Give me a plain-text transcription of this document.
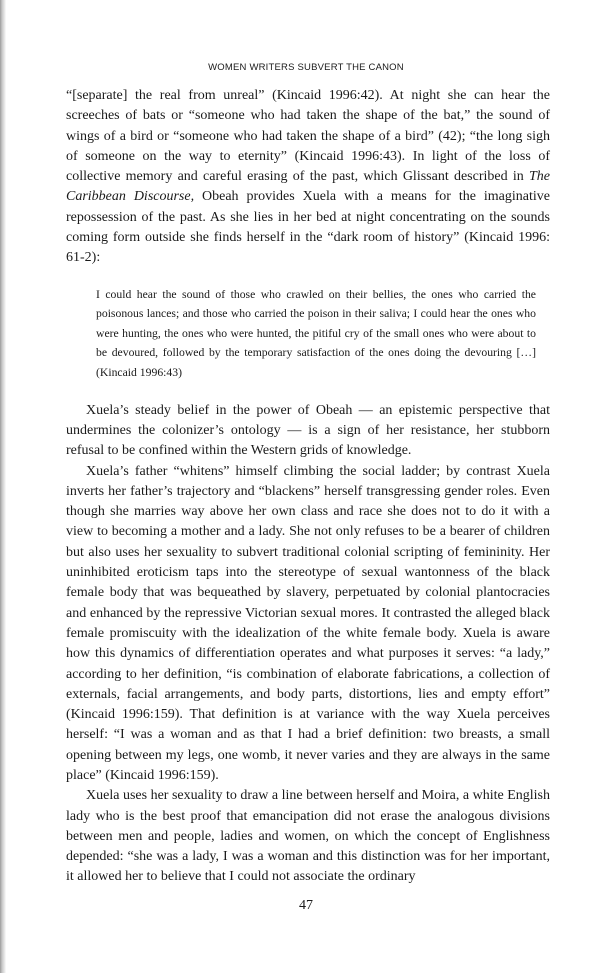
WOMEN WRITERS SUBVERT THE CANON

“[separate] the real from unreal” (Kincaid 1996:42). At night she can hear the screeches of bats or “someone who had taken the shape of the bat,” the sound of wings of a bird or “someone who had taken the shape of a bird” (42); “the long sigh of someone on the way to eternity” (Kincaid 1996:43). In light of the loss of collective memory and careful erasing of the past, which Glissant described in The Caribbean Discourse, Obeah provides Xuela with a means for the imaginative repossession of the past. As she lies in her bed at night concentrating on the sounds coming form outside she finds herself in the “dark room of history” (Kincaid 1996: 61-2):

I could hear the sound of those who crawled on their bellies, the ones who carried the poisonous lances; and those who carried the poison in their saliva; I could hear the ones who were hunting, the ones who were hunted, the pitiful cry of the small ones who were about to be devoured, followed by the temporary satisfaction of the ones doing the devouring […] (Kincaid 1996:43)

Xuela’s steady belief in the power of Obeah — an epistemic perspective that undermines the colonizer’s ontology — is a sign of her resistance, her stubborn refusal to be confined within the Western grids of knowledge.

Xuela’s father “whitens” himself climbing the social ladder; by contrast Xuela inverts her father’s trajectory and “blackens” herself transgressing gender roles. Even though she marries way above her own class and race she does not to do it with a view to becoming a mother and a lady. She not only refuses to be a bearer of children but also uses her sexuality to subvert traditional colonial scripting of femininity. Her uninhibited eroticism taps into the stereotype of sexual wantonness of the black female body that was bequeathed by slavery, perpetuated by colonial plantocracies and enhanced by the repressive Victorian sexual mores. It contrasted the alleged black female promiscuity with the idealization of the white female body. Xuela is aware how this dynamics of differentiation operates and what purposes it serves: “a lady,” according to her definition, “is combination of elaborate fabrications, a collection of externals, facial arrangements, and body parts, distortions, lies and empty effort” (Kincaid 1996:159). That definition is at variance with the way Xuela perceives herself: “I was a woman and as that I had a brief definition: two breasts, a small opening between my legs, one womb, it never varies and they are always in the same place” (Kincaid 1996:159).

Xuela uses her sexuality to draw a line between herself and Moira, a white English lady who is the best proof that emancipation did not erase the analogous divisions between men and people, ladies and women, on which the concept of Englishness depended: “she was a lady, I was a woman and this distinction was for her important, it allowed her to believe that I could not associate the ordinary

47
